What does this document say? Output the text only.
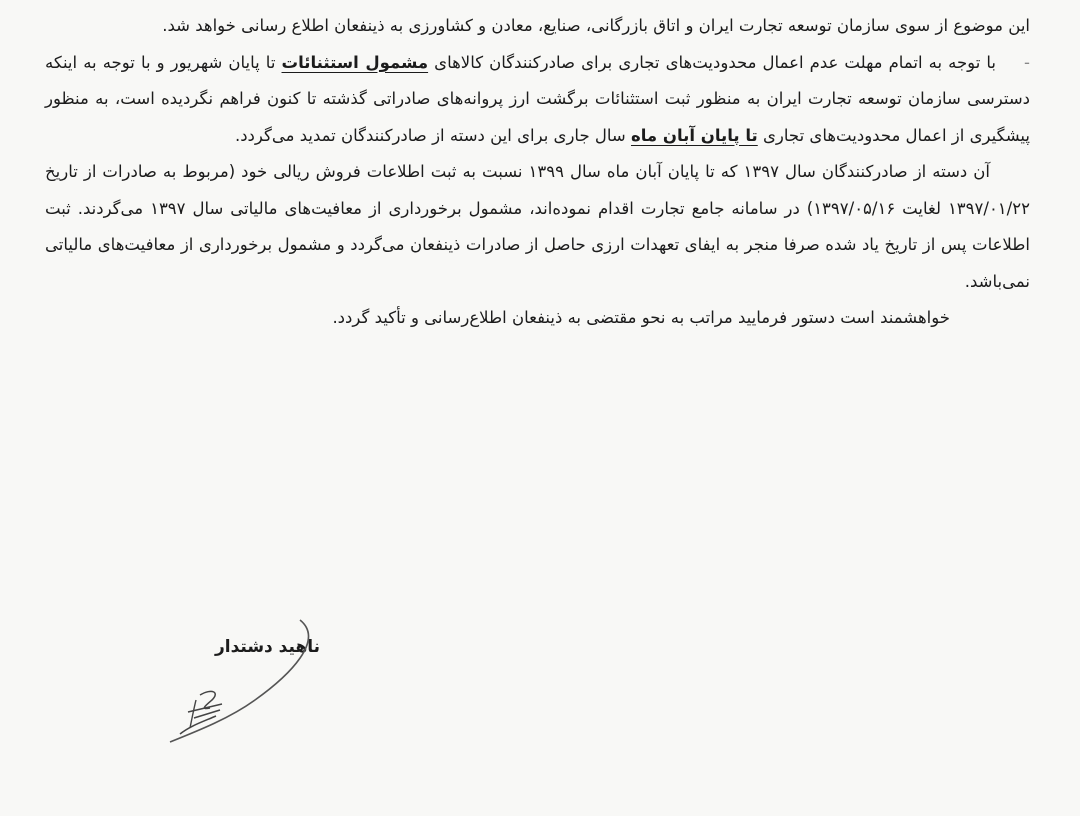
این موضوع از سوی سازمان توسعه تجارت ایران و اتاق بازرگانی، صنایع، معادن و کشاورزی به ذینفعان اطلاع رسانی خواهد شد.

-با توجه به اتمام مهلت عدم اعمال محدودیت‌های تجاری برای صادرکنندگان کالاهای مشمول استثنائات تا پایان شهریور و با توجه به اینکه دسترسی سازمان توسعه تجارت ایران به منظور ثبت استثنائات برگشت ارز پروانه‌های صادراتی گذشته تا کنون فراهم نگردیده است، به منظور پیشگیری از اعمال محدودیت‌های تجاری تا پایان آبان ماه سال جاری برای این دسته از صادرکنندگان تمدید می‌گردد.

آن دسته از صادرکنندگان سال ۱۳۹۷ که تا پایان آبان ماه سال ۱۳۹۹ نسبت به ثبت اطلاعات فروش ریالی خود (مربوط به صادرات از تاریخ ۱۳۹۷/۰۱/۲۲ لغایت ۱۳۹۷/۰۵/۱۶) در سامانه جامع تجارت اقدام نموده‌اند، مشمول برخورداری از معافیت‌های مالیاتی سال ۱۳۹۷ می‌گردند. ثبت اطلاعات پس از تاریخ یاد شده صرفا منجر به ایفای تعهدات ارزی حاصل از صادرات ذینفعان می‌گردد و مشمول برخورداری از معافیت‌های مالیاتی نمی‌باشد.

خواهشمند است دستور فرمایید مراتب به نحو مقتضی به ذینفعان اطلاع‌رسانی و تأکید گردد.

ناهید دشتدار
